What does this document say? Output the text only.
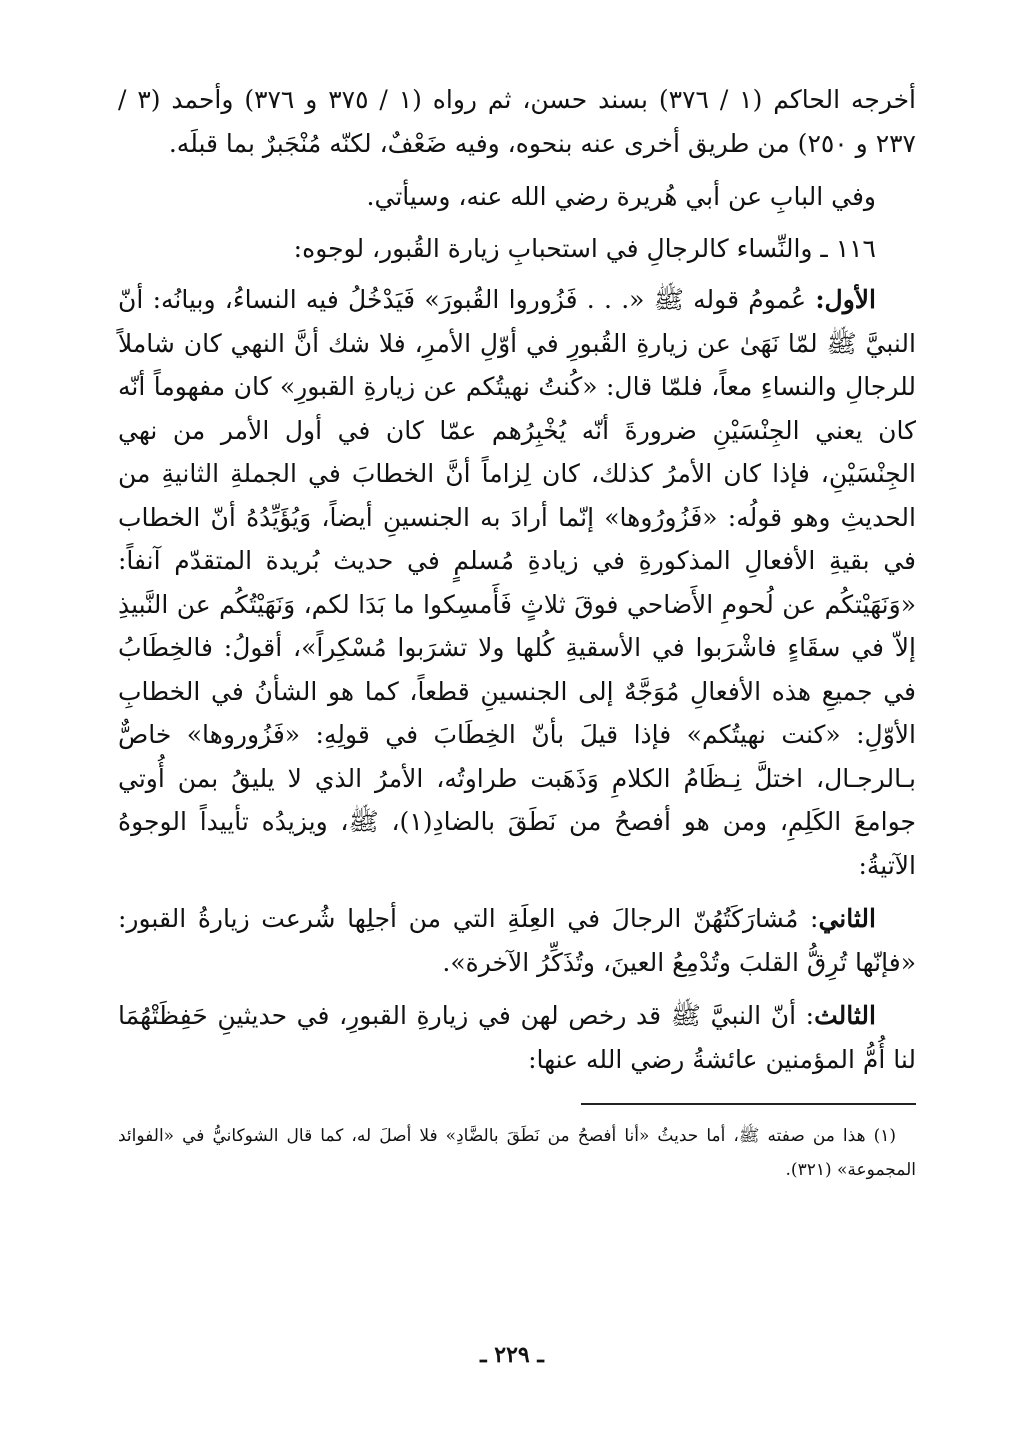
أخرجه الحاكم (١ / ٣٧٦) بسند حسن، ثم رواه (١ / ٣٧٥ و ٣٧٦) وأحمد (٣ / ٢٣٧ و ٢٥٠) من طريق أخرى عنه بنحوه، وفيه ضَعْفٌ، لكنّه مُنْجَبرٌ بما قبلَه.

وفي البابِ عن أبي هُريرة رضي الله عنه، وسيأتي.

١١٦ ـ والنِّساء كالرجالِ في استحبابِ زيارة القُبور، لوجوه:

الأول: عُمومُ قوله ﷺ «. . . فَزُوروا القُبورَ» فَيَدْخُلُ فيه النساءُ، وبيانُه: أنّ النبيَّ ﷺ لمّا نَهَىٰ عن زيارةِ القُبورِ في أوّلِ الأمرِ، فلا شك أنَّ النهي كان شاملاً للرجالِ والنساءِ معاً، فلمّا قال: «كُنتُ نهيتُكم عن زيارةِ القبورِ» كان مفهوماً أنّه كان يعني الجِنْسَيْنِ ضرورةَ أنّه يُخْبِرُهم عمّا كان في أول الأمر من نهي الجِنْسَيْنِ، فإذا كان الأمرُ كذلك، كان لِزاماً أنَّ الخطابَ في الجملةِ الثانيةِ من الحديثِ وهو قولُه: «فَزُورُوها» إنّما أرادَ به الجنسينِ أيضاً، وَيُؤَيِّدُهُ أنّ الخطاب في بقيةِ الأفعالِ المذكورةِ في زيادةِ مُسلمٍ في حديث بُريدة المتقدّم آنفاً: «وَنَهَيْتكُم عن لُحومِ الأَضاحي فوقَ ثلاثٍ فَأَمسِكوا ما بَدَا لكم، وَنَهَيْتُكُم عن النَّبيذِ إلاّ في سقَاءٍ فاشْرَبوا في الأسقيةِ كُلها ولا تشرَبوا مُسْكِراً»، أقولُ: فالخِطَابُ في جميعِ هذه الأفعالِ مُوَجَّهٌ إلى الجنسينِ قطعاً، كما هو الشأنُ في الخطابِ الأوّلِ: «كنت نهيتُكم» فإذا قيلَ بأنّ الخِطَابَ في قولِهِ: «فَزُوروها» خاصٌّ بـالرجـال، اختلَّ نِـظَامُ الكلامِ وَذَهَبت طراوتُه، الأمرُ الذي لا يليقُ بمن أُوتي جوامعَ الكَلِمِ، ومن هو أفصحُ من نَطَقَ بالضادِ(١)، ﷺ، ويزيدُه تأييداً الوجوهُ الآتيةُ:

الثاني: مُشارَكَتُهُنّ الرجالَ في العِلَةِ التي من أجلِها شُرعت زيارةُ القبور: «فإنّها تُرِقُّ القلبَ وتُدْمِعُ العينَ، وتُذَكِّرُ الآخرة».

الثالث: أنّ النبيَّ ﷺ قد رخص لهن في زيارةِ القبورِ، في حديثينِ حَفِظَتْهُمَا لنا أُمُّ المؤمنين عائشةُ رضي الله عنها:

(١) هذا من صفته ﷺ، أما حديثُ «أنا أفصحُ من نَطَقَ بالضَّادِ» فلا أصلَ له، كما قال الشوكانيُّ في «الفوائد المجموعة» (٣٢١).

ـ ٢٢٩ ـ
